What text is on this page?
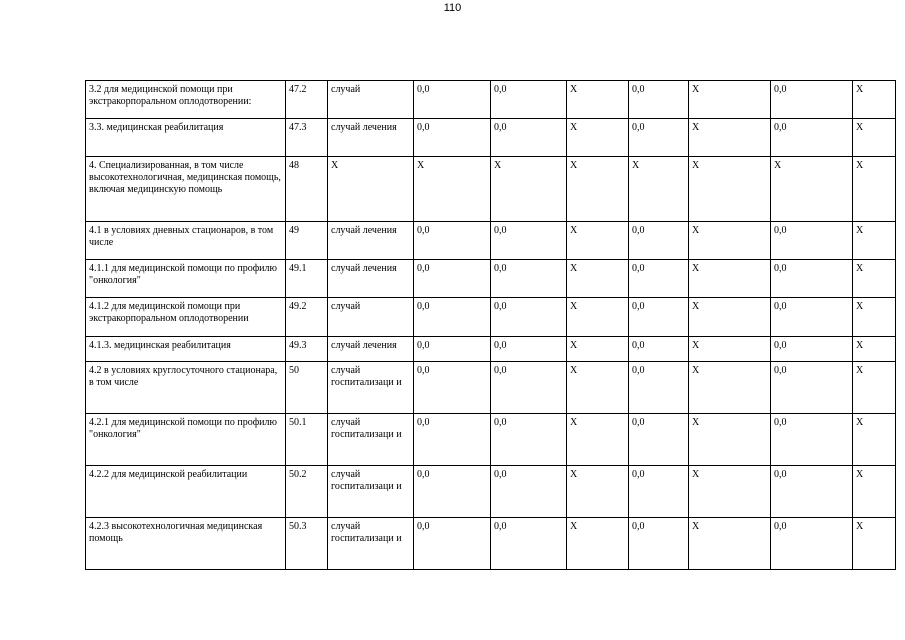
110
3.2 для медицинской помощи при экстракорпоральном оплодотворении:	47.2	случай	0,0	0,0	X	0,0	X	0,0	X
3.3. медицинская реабилитация	47.3	случай лечения	0,0	0,0	X	0,0	X	0,0	X
4. Специализированная, в том числе высокотехнологичная, медицинская помощь, включая медицинскую помощь	48	X	X	X	X	X	X	X	X
4.1 в условиях дневных стационаров, в том числе	49	случай лечения	0,0	0,0	X	0,0	X	0,0	X
4.1.1 для медицинской помощи по профилю "онкология"	49.1	случай лечения	0,0	0,0	X	0,0	X	0,0	X
4.1.2 для медицинской помощи при экстракорпоральном оплодотворении	49.2	случай	0,0	0,0	X	0,0	X	0,0	X
4.1.3. медицинская реабилитация	49.3	случай лечения	0,0	0,0	X	0,0	X	0,0	X
4.2 в условиях круглосуточного стационара, в том числе	50	случай госпитализаци и	0,0	0,0	X	0,0	X	0,0	X
4.2.1 для медицинской помощи по профилю "онкология"	50.1	случай госпитализаци и	0,0	0,0	X	0,0	X	0,0	X
4.2.2 для медицинской реабилитации	50.2	случай госпитализаци и	0,0	0,0	X	0,0	X	0,0	X
4.2.3 высокотехнологичная медицинская помощь	50.3	случай госпитализаци и	0,0	0,0	X	0,0	X	0,0	X
